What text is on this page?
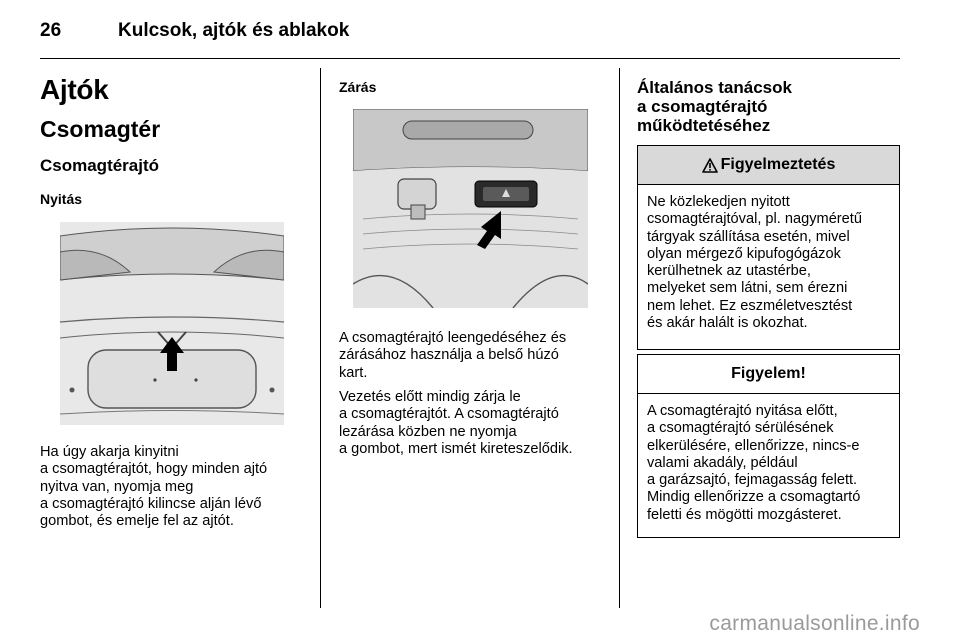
26	Kulcsok, ajtók és ablakok
Ajtók
Csomagtér
Csomagtérajtó
Nyitás
Ha úgy akarja kinyitni
a csomagtérajtót, hogy minden ajtó
nyitva van, nyomja meg
a csomagtérajtó kilincse alján lévő
gombot, és emelje fel az ajtót.
Zárás
A csomagtérajtó leengedéséhez és
zárásához használja a belső húzó
kart.
Vezetés előtt mindig zárja le
a csomagtérajtót. A csomagtérajtó
lezárása közben ne nyomja
a gombot, mert ismét kireteszelődik.
Általános tanácsok
a csomagtérajtó
működtetéséhez
Figyelmeztetés
Ne közlekedjen nyitott
csomagtérajtóval, pl. nagyméretű
tárgyak szállítása esetén, mivel
olyan mérgező kipufogógázok
kerülhetnek az utastérbe,
melyeket sem látni, sem érezni
nem lehet. Ez eszméletvesztést
és akár halált is okozhat.
Figyelem!
A csomagtérajtó nyitása előtt,
a csomagtérajtó sérülésének
elkerülésére, ellenőrizze, nincs-e
valami akadály, például
a garázsajtó, fejmagasság felett.
Mindig ellenőrizze a csomagtartó
feletti és mögötti mozgásteret.
carmanualsonline.info
